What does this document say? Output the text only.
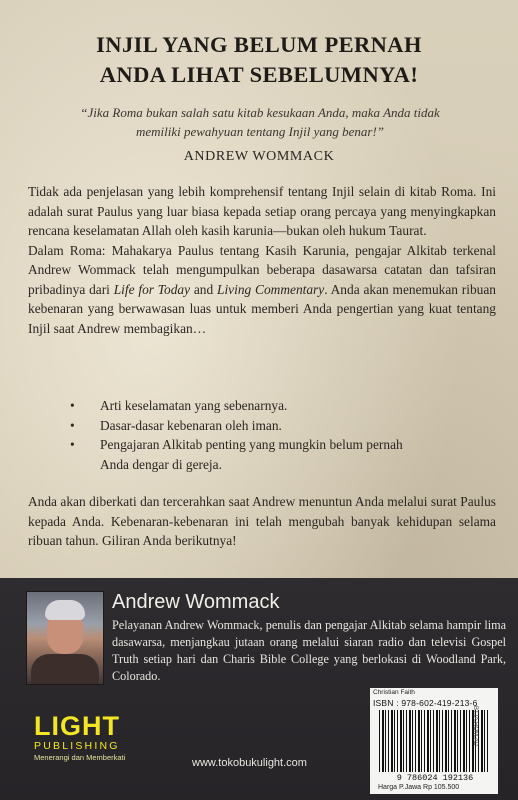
INJIL YANG BELUM PERNAH
ANDA LIHAT SEBELUMNYA!
“Jika Roma bukan salah satu kitab kesukaan Anda, maka Anda tidak memiliki pewahyuan tentang Injil yang benar!”
ANDREW WOMMACK

Tidak ada penjelasan yang lebih komprehensif tentang Injil selain di kitab Roma. Ini adalah surat Paulus yang luar biasa kepada setiap orang percaya yang menyingkapkan rencana keselamatan Allah oleh kasih karunia—bukan oleh hukum Taurat.

Dalam Roma: Mahakarya Paulus tentang Kasih Karunia, pengajar Alkitab terkenal Andrew Wommack telah mengumpulkan beberapa dasawarsa catatan dan tafsiran pribadinya dari Life for Today and Living Commentary. Anda akan menemukan ribuan kebenaran yang berwawasan luas untuk memberi Anda pengertian yang kuat tentang Injil saat Andrew membagikan…

• Arti keselamatan yang sebenarnya.
• Dasar-dasar kebenaran oleh iman.
• Pengajaran Alkitab penting yang mungkin belum pernah Anda dengar di gereja.
Anda akan diberkati dan tercerahkan saat Andrew menuntun Anda melalui surat Paulus kepada Anda. Kebenaran-kebenaran ini telah mengubah banyak kehidupan selama ribuan tahun. Giliran Anda berikutnya!
Andrew Wommack
Pelayanan Andrew Wommack, penulis dan pengajar Alkitab selama hampir lima dasawarsa, menjangkau jutaan orang melalui siaran radio dan televisi Gospel Truth setiap hari dan Charis Bible College yang berlokasi di Woodland Park, Colorado.
LIGHT
PUBLISHING
Menerangi dan Memberkati	www.tokobukulight.com
Christian Faith
ISBN : 978-602-419-213-6
9 786024 192136
Harga P.Jawa Rp 105.500
BT.IA.ROM.AD
